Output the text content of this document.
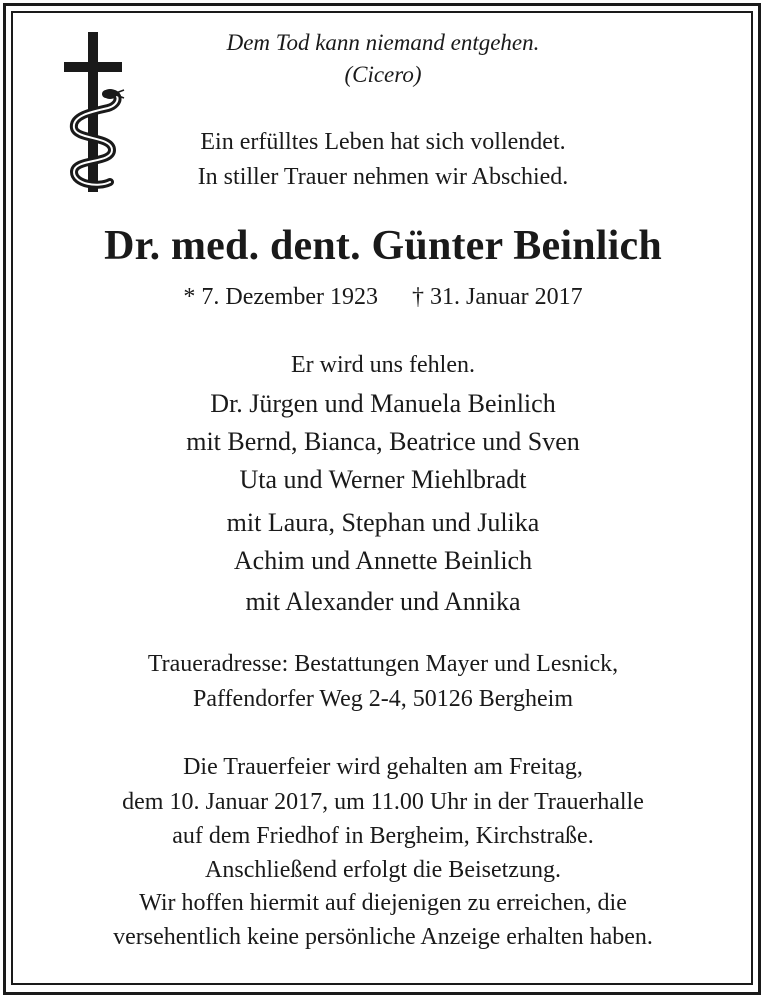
Dem Tod kann niemand entgehen.
(Cicero)
Ein erfülltes Leben hat sich vollendet.
In stiller Trauer nehmen wir Abschied.
Dr. med. dent. Günter Beinlich
* 7. Dezember 1923 † 31. Januar 2017
Er wird uns fehlen.
Dr. Jürgen und Manuela Beinlich
mit Bernd, Bianca, Beatrice und Sven
Uta und Werner Miehlbradt
mit Laura, Stephan und Julika
Achim und Annette Beinlich
mit Alexander und Annika
Traueradresse: Bestattungen Mayer und Lesnick,
Paffendorfer Weg 2-4, 50126 Bergheim
Die Trauerfeier wird gehalten am Freitag,
dem 10. Januar 2017, um 11.00 Uhr in der Trauerhalle
auf dem Friedhof in Bergheim, Kirchstraße.
Anschließend erfolgt die Beisetzung.
Wir hoffen hiermit auf diejenigen zu erreichen, die
versehentlich keine persönliche Anzeige erhalten haben.
